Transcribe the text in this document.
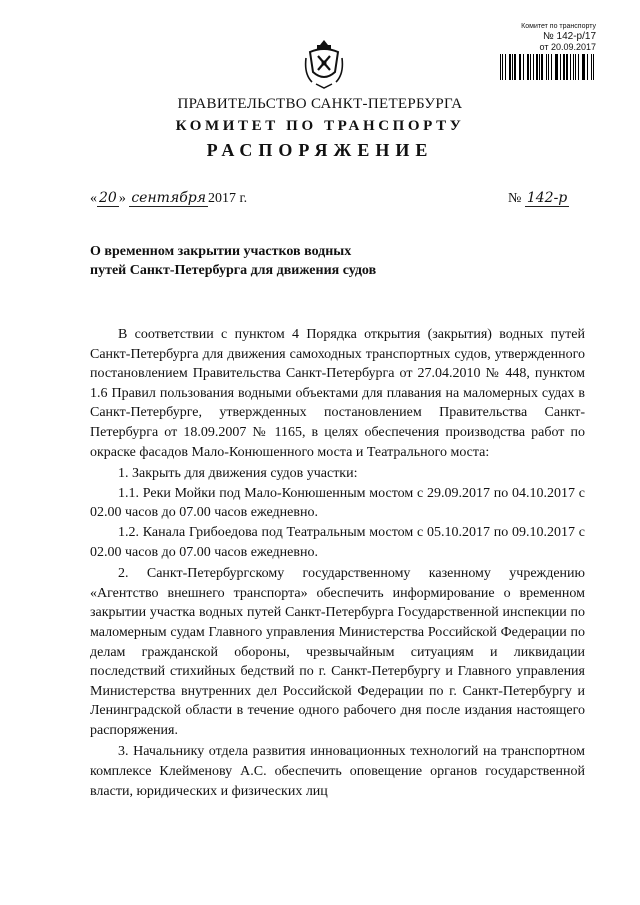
Комитет по транспорту
№ 142-р/17
от 20.09.2017
ПРАВИТЕЛЬСТВО САНКТ-ПЕТЕРБУРГА
КОМИТЕТ ПО ТРАНСПОРТУ
РАСПОРЯЖЕНИЕ
« 20 » сентября 2017 г.	№ 142-р
О временном закрытии участков водных путей Санкт-Петербурга для движения судов

В соответствии с пунктом 4 Порядка открытия (закрытия) водных путей Санкт-Петербурга для движения самоходных транспортных судов, утвержденного постановлением Правительства Санкт-Петербурга от 27.04.2010 № 448, пунктом 1.6 Правил пользования водными объектами для плавания на маломерных судах в Санкт-Петербурге, утвержденных постановлением Правительства Санкт-Петербурга от 18.09.2007 № 1165, в целях обеспечения производства работ по окраске фасадов Мало-Конюшенного моста и Театрального моста:

1. Закрыть для движения судов участки:

1.1. Реки Мойки под Мало-Конюшенным мостом с 29.09.2017 по 04.10.2017 с 02.00 часов до 07.00 часов ежедневно.

1.2. Канала Грибоедова под Театральным мостом с 05.10.2017 по 09.10.2017 с 02.00 часов до 07.00 часов ежедневно.

2. Санкт-Петербургскому государственному казенному учреждению «Агентство внешнего транспорта» обеспечить информирование о временном закрытии участка водных путей Санкт-Петербурга Государственной инспекции по маломерным судам Главного управления Министерства Российской Федерации по делам гражданской обороны, чрезвычайным ситуациям и ликвидации последствий стихийных бедствий по г. Санкт-Петербургу и Главного управления Министерства внутренних дел Российской Федерации по г. Санкт-Петербургу и Ленинградской области в течение одного рабочего дня после издания настоящего распоряжения.

3. Начальнику отдела развития инновационных технологий на транспортном комплексе Клейменову А.С. обеспечить оповещение органов государственной власти, юридических и физических лиц
